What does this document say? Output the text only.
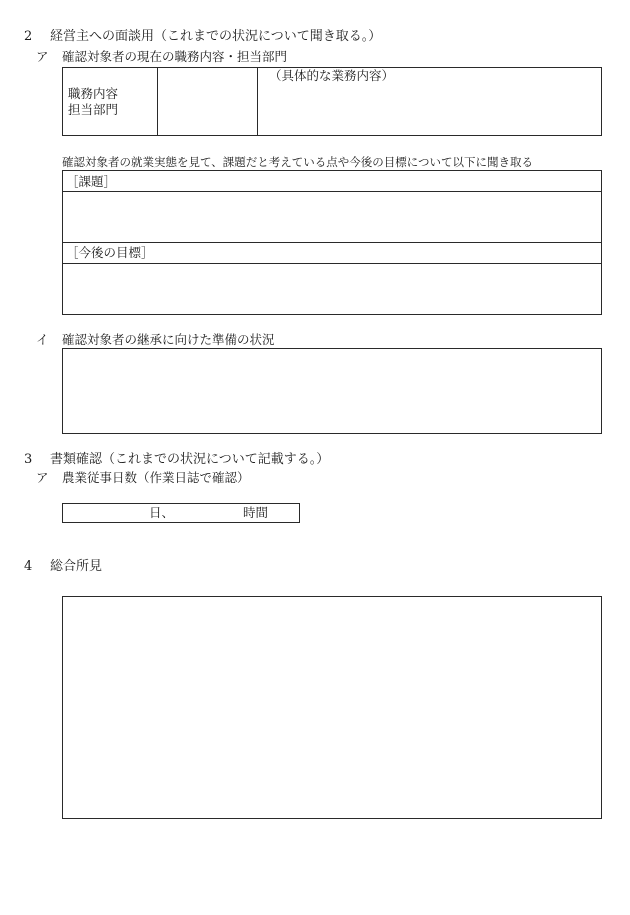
2 経営主への面談用（これまでの状況について聞き取る。）
ア 確認対象者の現在の職務内容・担当部門
職務内容
担当部門
（具体的な業務内容）
確認対象者の就業実態を見て、課題だと考えている点や今後の目標について以下に聞き取る
［課題］
［今後の目標］
イ 確認対象者の継承に向けた準備の状況
3 書類確認（これまでの状況について記載する。）
ア 農業従事日数（作業日誌で確認）
日、	時間
4 総合所見
